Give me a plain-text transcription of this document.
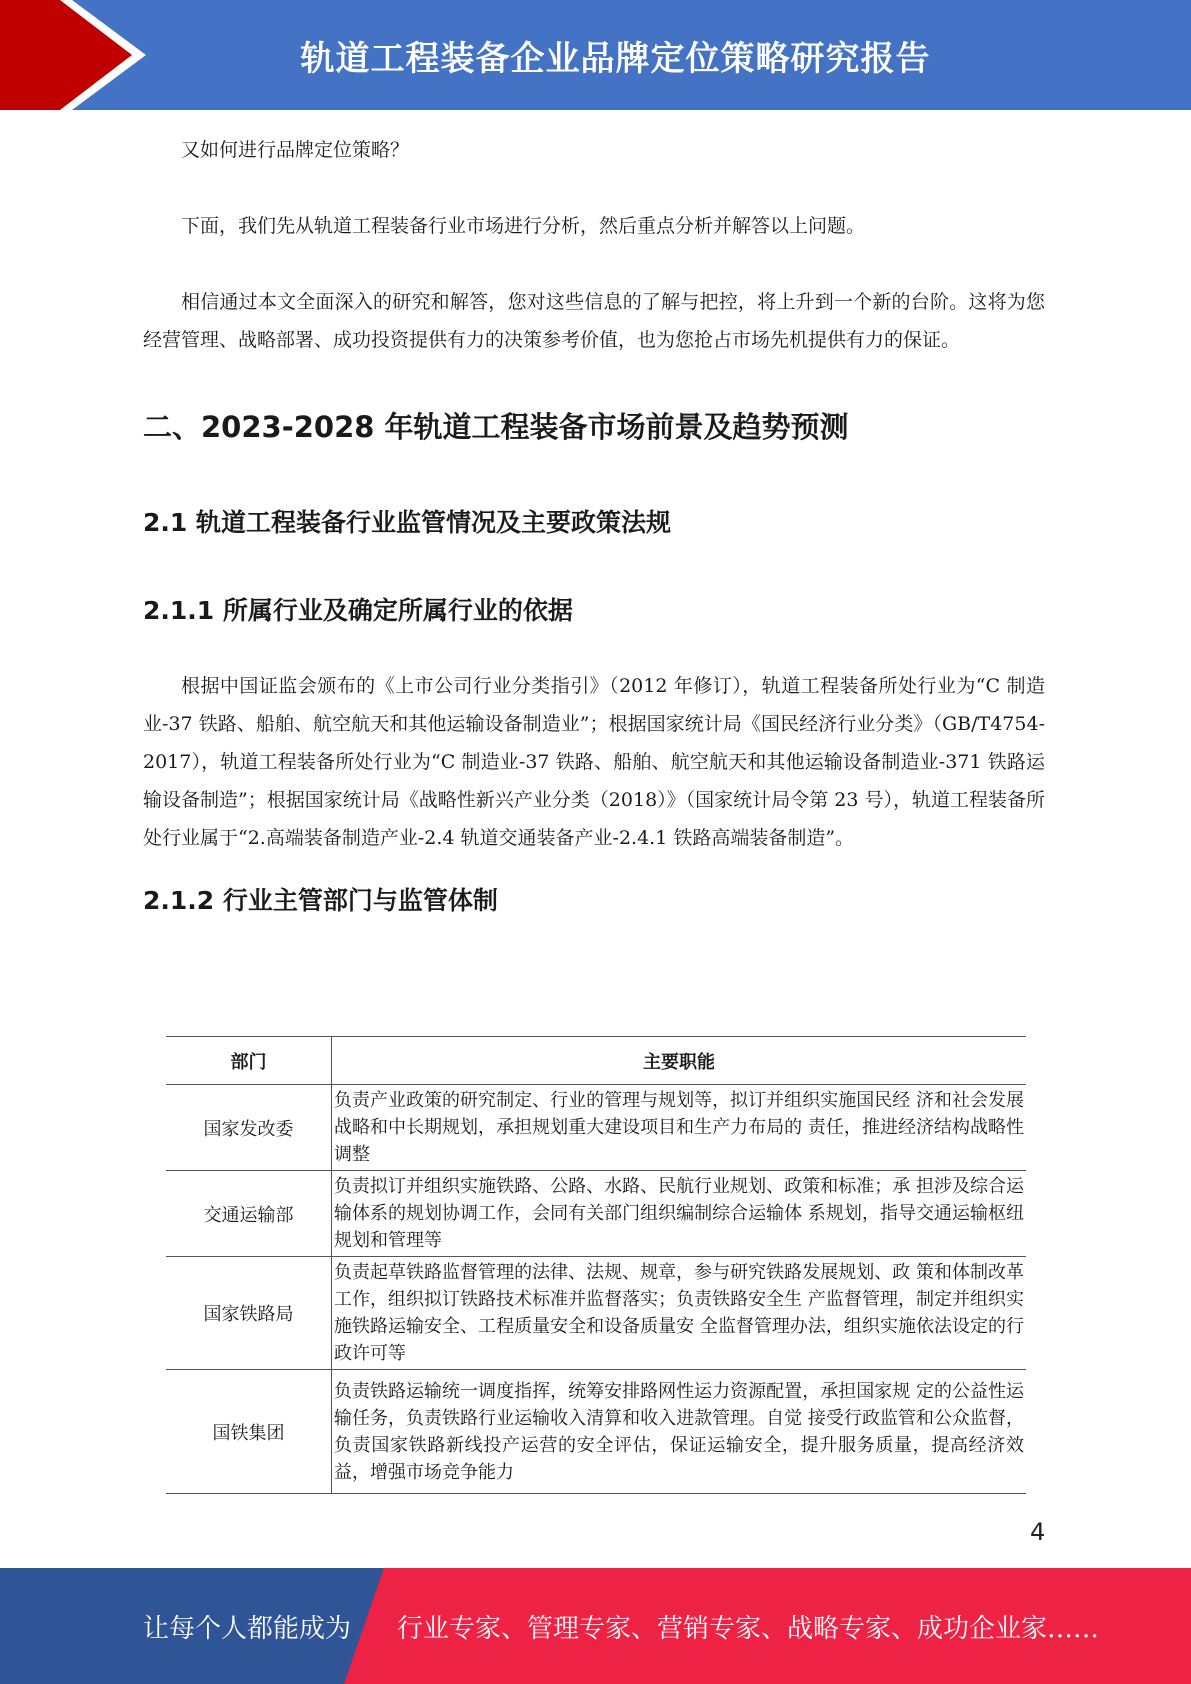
轨道工程装备企业品牌定位策略研究报告

又如何进行品牌定位策略？

下面，我们先从轨道工程装备行业市场进行分析，然后重点分析并解答以上问题。

相信通过本文全面深入的研究和解答，您对这些信息的了解与把控，将上升到一个新的台阶。这将为您经营管理、战略部署、成功投资提供有力的决策参考价值，也为您抢占市场先机提供有力的保证。

二、2023-2028 年轨道工程装备市场前景及趋势预测
2.1 轨道工程装备行业监管情况及主要政策法规
2.1.1 所属行业及确定所属行业的依据

根据中国证监会颁布的《上市公司行业分类指引》（2012 年修订），轨道工程装备所处行业为“C 制造业-37 铁路、船舶、航空航天和其他运输设备制造业”；根据国家统计局《国民经济行业分类》（GB/T4754-2017），轨道工程装备所处行业为“C 制造业-37 铁路、船舶、航空航天和其他运输设备制造业-371 铁路运输设备制造”；根据国家统计局《战略性新兴产业分类（2018）》（国家统计局令第 23 号），轨道工程装备所处行业属于“2.高端装备制造产业-2.4 轨道交通装备产业-2.4.1 铁路高端装备制造”。

2.1.2 行业主管部门与监管体制
部门	主要职能
国家发改委	负责产业政策的研究制定、行业的管理与规划等，拟订并组织实施国民经 济和社会发展战略和中长期规划，承担规划重大建设项目和生产力布局的 责任，推进经济结构战略性调整
交通运输部	负责拟订并组织实施铁路、公路、水路、民航行业规划、政策和标准；承 担涉及综合运输体系的规划协调工作，会同有关部门组织编制综合运输体 系规划，指导交通运输枢纽规划和管理等
国家铁路局	负责起草铁路监督管理的法律、法规、规章，参与研究铁路发展规划、政 策和体制改革工作，组织拟订铁路技术标准并监督落实；负责铁路安全生 产监督管理，制定并组织实施铁路运输安全、工程质量安全和设备质量安 全监督管理办法，组织实施依法设定的行政许可等
国铁集团	负责铁路运输统一调度指挥，统筹安排路网性运力资源配置，承担国家规 定的公益性运输任务，负责铁路行业运输收入清算和收入进款管理。自觉 接受行政监管和公众监督，负责国家铁路新线投产运营的安全评估，保证运输安全，提升服务质量，提高经济效益，增强市场竞争能力
4
让每个人都能成为 行业专家、管理专家、营销专家、战略专家、成功企业家……
